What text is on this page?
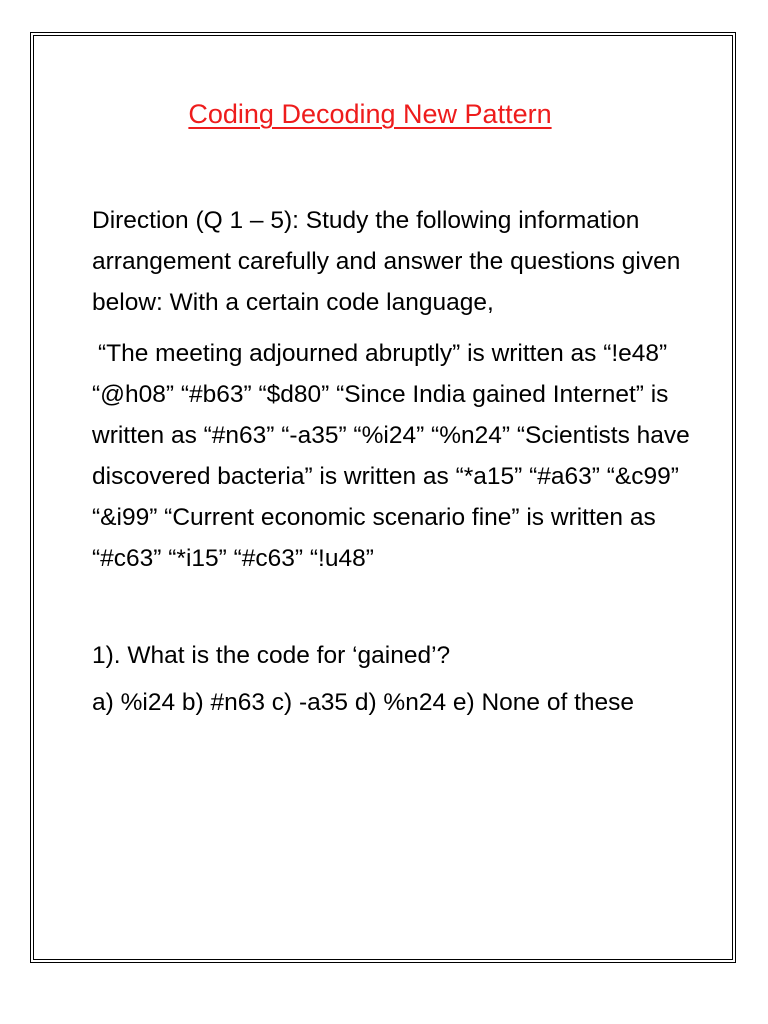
Coding Decoding New Pattern

Direction (Q 1 – 5): Study the following information arrangement carefully and answer the questions given below: With a certain code language,

“The meeting adjourned abruptly” is written as “!e48” “@h08” “#b63” “$d80” “Since India gained Internet” is written as “#n63” “-a35” “%i24” “%n24” “Scientists have discovered bacteria” is written as “*a15” “#a63” “&c99” “&i99” “Current economic scenario fine” is written as “#c63” “*i15” “#c63” “!u48”

1). What is the code for ‘gained’?

a) %i24 b) #n63 c) -a35 d) %n24 e) None of these
